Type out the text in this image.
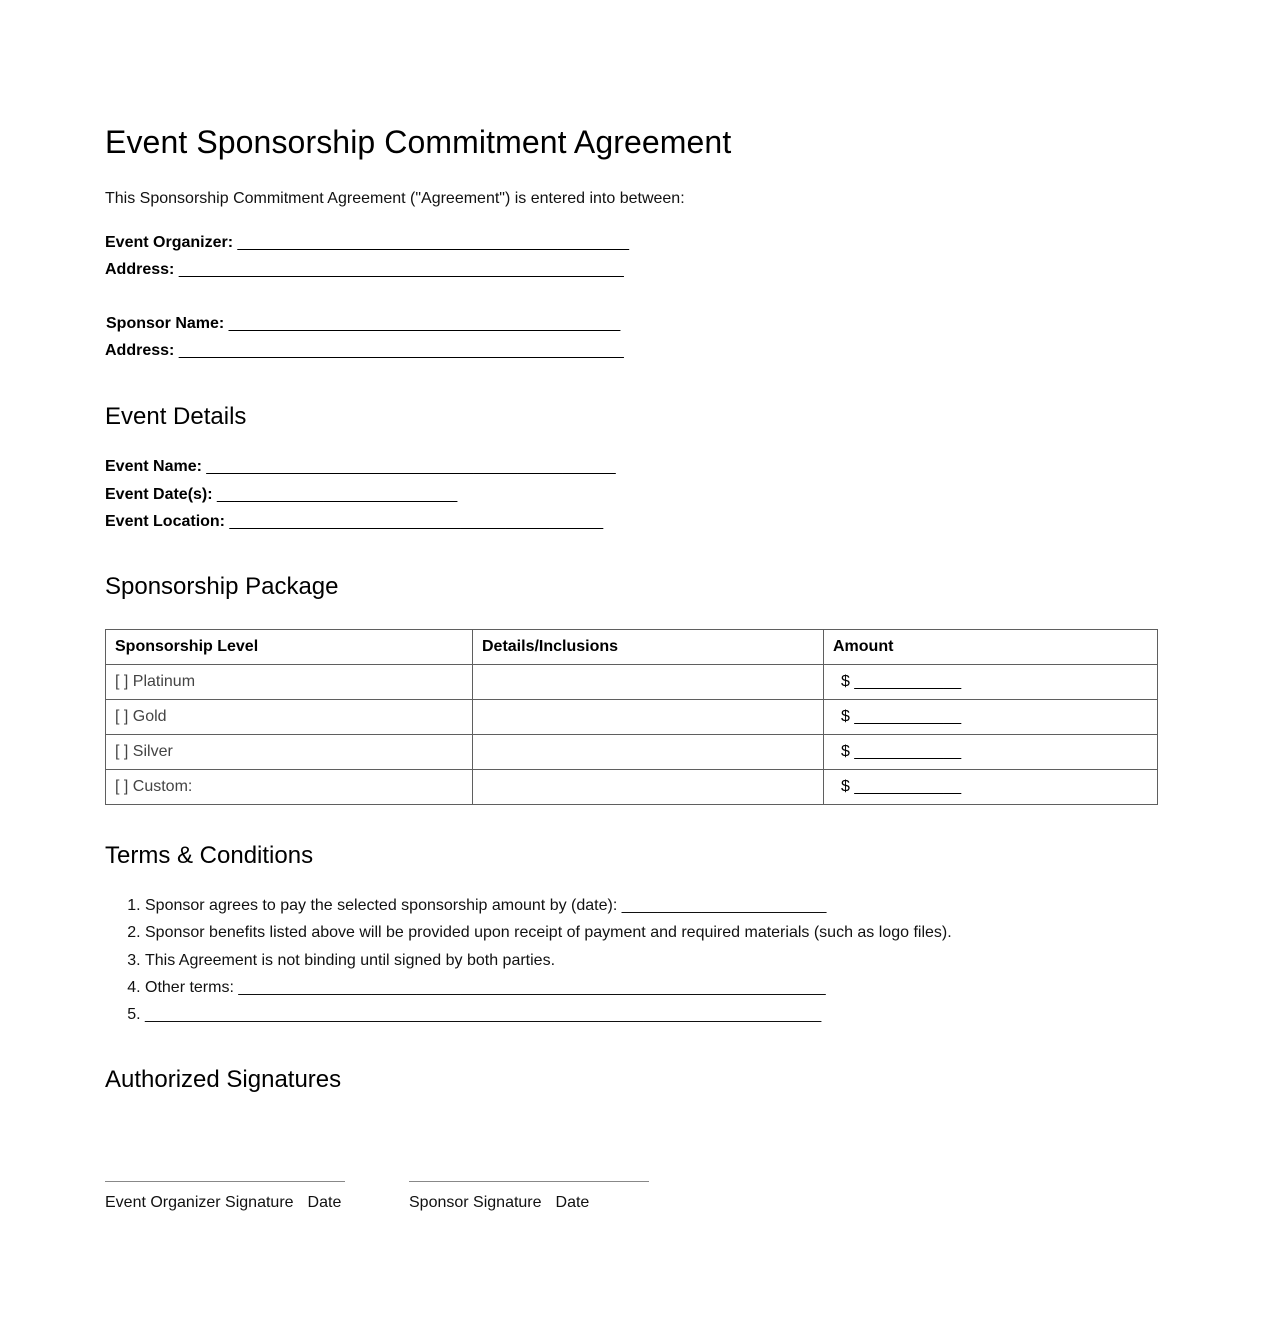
Event Sponsorship Commitment Agreement

This Sponsorship Commitment Agreement ("Agreement") is entered into between:

Event Organizer: ____________________________________________
Address: __________________________________________________
Sponsor Name: ____________________________________________
Address: __________________________________________________
Event Details
Event Name: ______________________________________________
Event Date(s): ___________________________
Event Location: __________________________________________
Sponsorship Package
Sponsorship Level	Details/Inclusions	Amount
[ ] Platinum		$ ____________
[ ] Gold		$ ____________
[ ] Silver		$ ____________
[ ] Custom:		$ ____________
Terms & Conditions
1. Sponsor agrees to pay the selected sponsorship amount by (date): _______________________
2. Sponsor benefits listed above will be provided upon receipt of payment and required materials (such as logo files).
3. This Agreement is not binding until signed by both parties.
4. Other terms: __________________________________________________________________
5. ____________________________________________________________________________
Authorized Signatures
Event Organizer Signature Date	Sponsor Signature Date
